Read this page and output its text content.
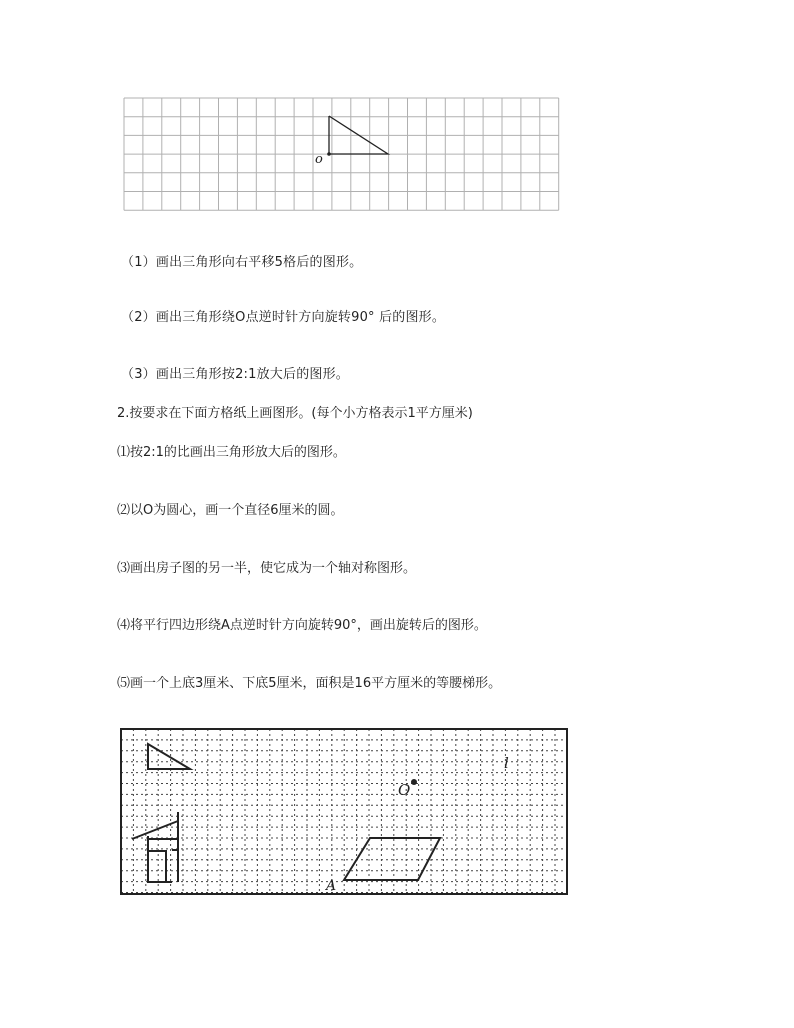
o
（1）画出三角形向右平移5格后的图形。
（2）画出三角形绕O点逆时针方向旋转90° 后的图形。
（3）画出三角形按2:1放大后的图形。
2.按要求在下面方格纸上画图形。(每个小方格表示1平方厘米)
⑴按2:1的比画出三角形放大后的图形。
⑵以O为圆心，画一个直径6厘米的圆。
⑶画出房子图的另一半，使它成为一个轴对称图形。
⑷将平行四边形绕A点逆时针方向旋转90°，画出旋转后的图形。
⑸画一个上底3厘米、下底5厘米，面积是16平方厘米的等腰梯形。
A
O
l
